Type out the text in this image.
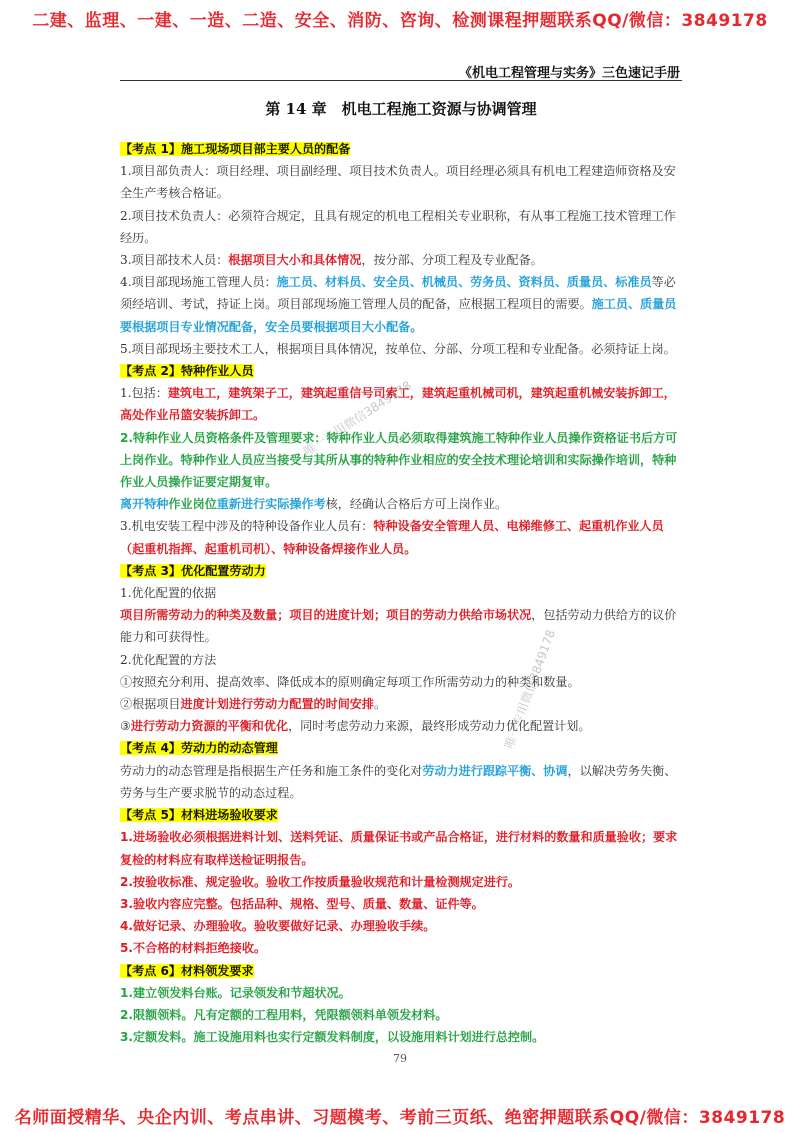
二建、监理、一建、一造、二造、安全、消防、咨询、检测课程押题联系QQ/微信：3849178
《机电工程管理与实务》三色速记手册
第 14 章　机电工程施工资源与协调管理

【考点 1】施工现场项目部主要人员的配备

1.项目部负责人：项目经理、项目副经理、项目技术负责人。项目经理必须具有机电工程建造师资格及安全生产考核合格证。

2.项目技术负责人：必须符合规定，且具有规定的机电工程相关专业职称，有从事工程施工技术管理工作经历。

3.项目部技术人员：根据项目大小和具体情况，按分部、分项工程及专业配备。

4.项目部现场施工管理人员：施工员、材料员、安全员、机械员、劳务员、资料员、质量员、标准员等必须经培训、考试，持证上岗。项目部现场施工管理人员的配备，应根据工程项目的需要。施工员、质量员要根据项目专业情况配备，安全员要根据项目大小配备。

5.项目部现场主要技术工人，根据项目具体情况，按单位、分部、分项工程和专业配备。必须持证上岗。

【考点 2】特种作业人员

1.包括：建筑电工，建筑架子工，建筑起重信号司索工，建筑起重机械司机，建筑起重机械安装拆卸工，高处作业吊篮安装拆卸工。

2.特种作业人员资格条件及管理要求：特种作业人员必须取得建筑施工特种作业人员操作资格证书后方可上岗作业。特种作业人员应当接受与其所从事的特种作业相应的安全技术理论培训和实际操作培训，特种作业人员操作证要定期复审。

离开特种作业岗位重新进行实际操作考核，经确认合格后方可上岗作业。

3.机电安装工程中涉及的特种设备作业人员有：特种设备安全管理人员、电梯维修工、起重机作业人员（起重机指挥、起重机司机）、特种设备焊接作业人员。

【考点 3】优化配置劳动力

1.优化配置的依据

项目所需劳动力的种类及数量；项目的进度计划；项目的劳动力供给市场状况，包括劳动力供给方的议价能力和可获得性。

2.优化配置的方法

①按照充分利用、提高效率、降低成本的原则确定每项工作所需劳动力的种类和数量。

②根据项目进度计划进行劳动力配置的时间安排。

③进行劳动力资源的平衡和优化，同时考虑劳动力来源，最终形成劳动力优化配置计划。

【考点 4】劳动力的动态管理

劳动力的动态管理是指根据生产任务和施工条件的变化对劳动力进行跟踪平衡、协调，以解决劳务失衡、劳务与生产要求脱节的动态过程。

【考点 5】材料进场验收要求

1.进场验收必须根据进料计划、送料凭证、质量保证书或产品合格证，进行材料的数量和质量验收；要求复检的材料应有取样送检证明报告。

2.按验收标准、规定验收。验收工作按质量验收规范和计量检测规定进行。

3.验收内容应完整。包括品种、规格、型号、质量、数量、证件等。

4.做好记录、办理验收。验收要做好记录、办理验收手续。

5.不合格的材料拒绝接收。

【考点 6】材料领发要求

1.建立领发料台账。记录领发和节超状况。

2.限额领料。凡有定额的工程用料，凭限额领料单领发材料。

3.定额发料。施工设施用料也实行定额发料制度，以设施用料计划进行总控制。

唯一专用微信3849178
唯一专用微信3849178
79
名师面授精华、央企内训、考点串讲、习题模考、考前三页纸、绝密押题联系QQ/微信：3849178
